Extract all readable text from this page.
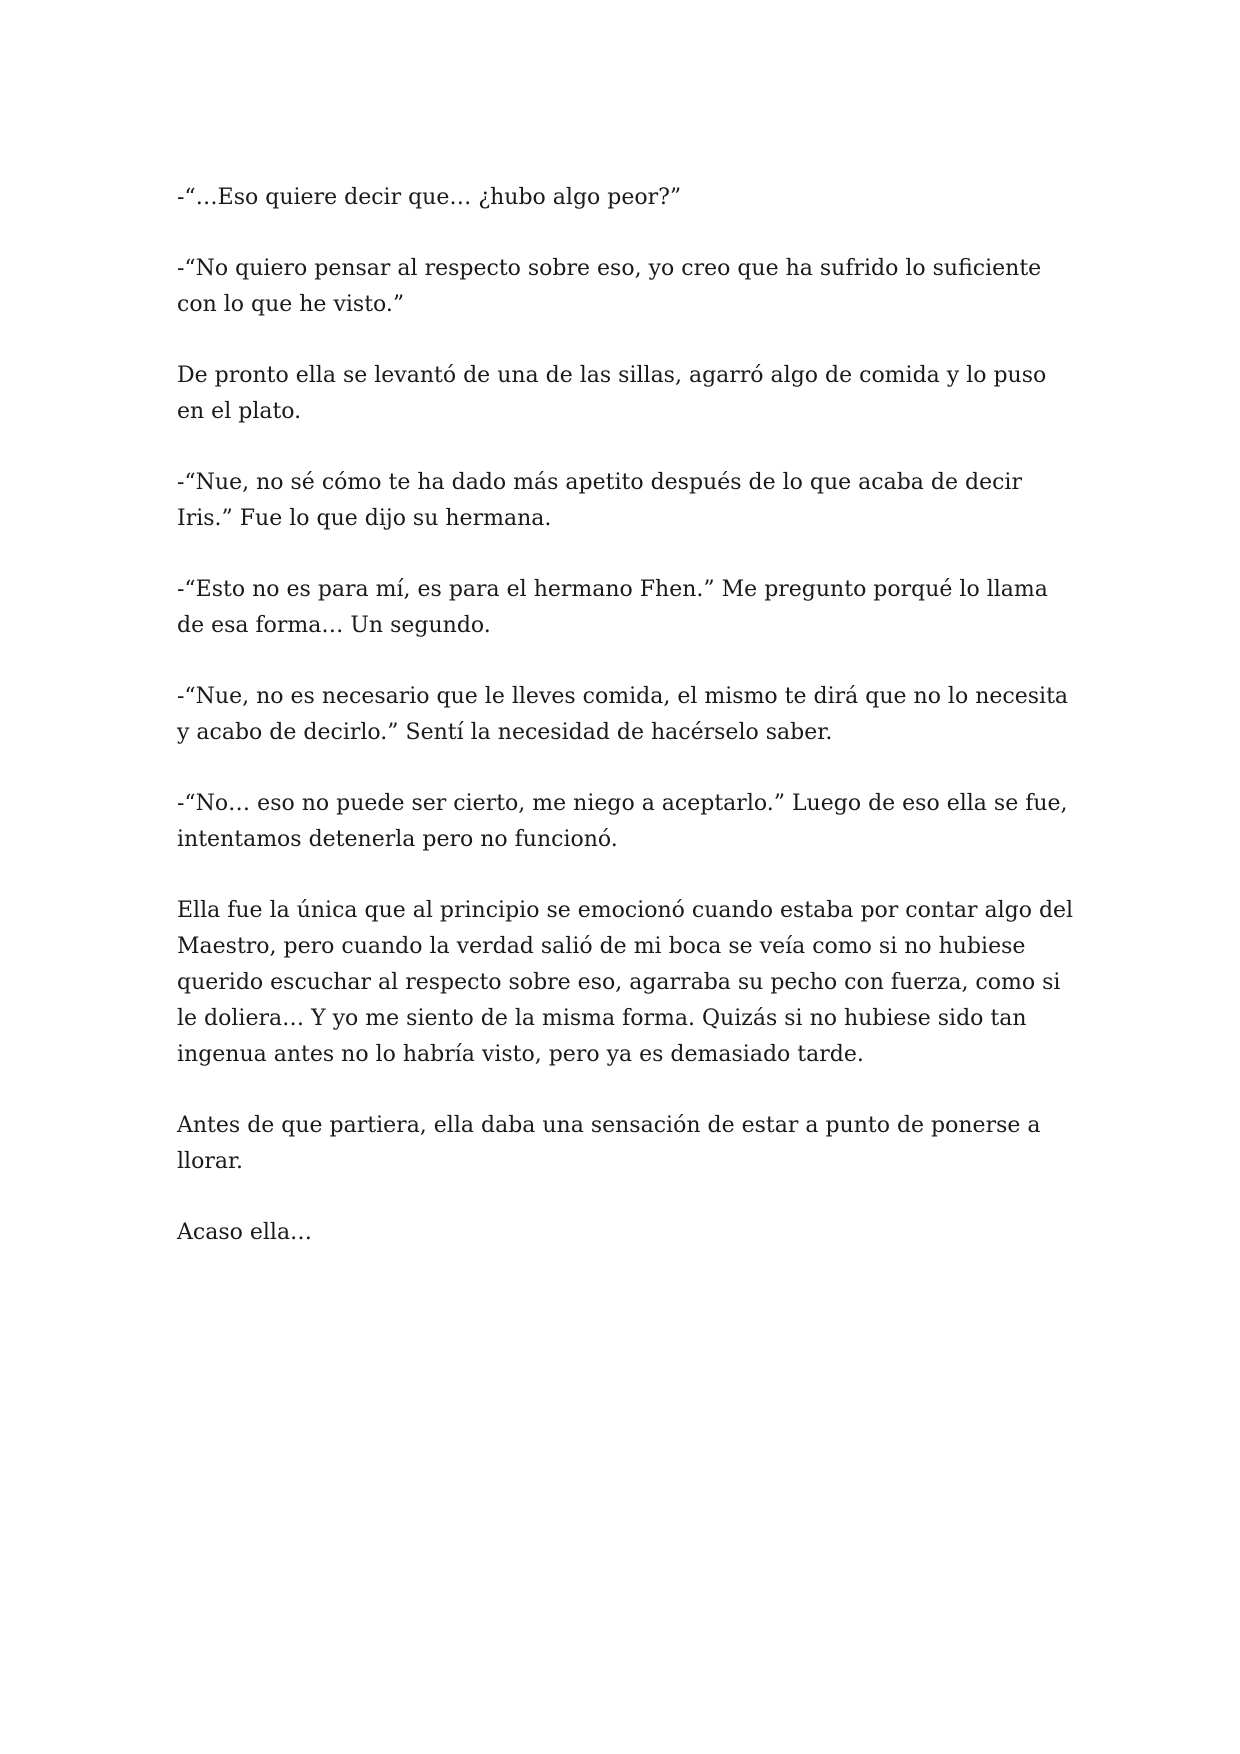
-“…Eso quiere decir que… ¿hubo algo peor?”

-“No quiero pensar al respecto sobre eso, yo creo que ha sufrido lo suficiente con lo que he visto.”

De pronto ella se levantó de una de las sillas, agarró algo de comida y lo puso en el plato.

-“Nue, no sé cómo te ha dado más apetito después de lo que acaba de decir Iris.” Fue lo que dijo su hermana.

-“Esto no es para mí, es para el hermano Fhen.” Me pregunto porqué lo llama de esa forma… Un segundo.

-“Nue, no es necesario que le lleves comida, el mismo te dirá que no lo necesita y acabo de decirlo.” Sentí la necesidad de hacérselo saber.

-“No… eso no puede ser cierto, me niego a aceptarlo.” Luego de eso ella se fue, intentamos detenerla pero no funcionó.

Ella fue la única que al principio se emocionó cuando estaba por contar algo del Maestro, pero cuando la verdad salió de mi boca se veía como si no hubiese querido escuchar al respecto sobre eso, agarraba su pecho con fuerza, como si le doliera… Y yo me siento de la misma forma. Quizás si no hubiese sido tan ingenua antes no lo habría visto, pero ya es demasiado tarde.

Antes de que partiera, ella daba una sensación de estar a punto de ponerse a llorar.

Acaso ella…
